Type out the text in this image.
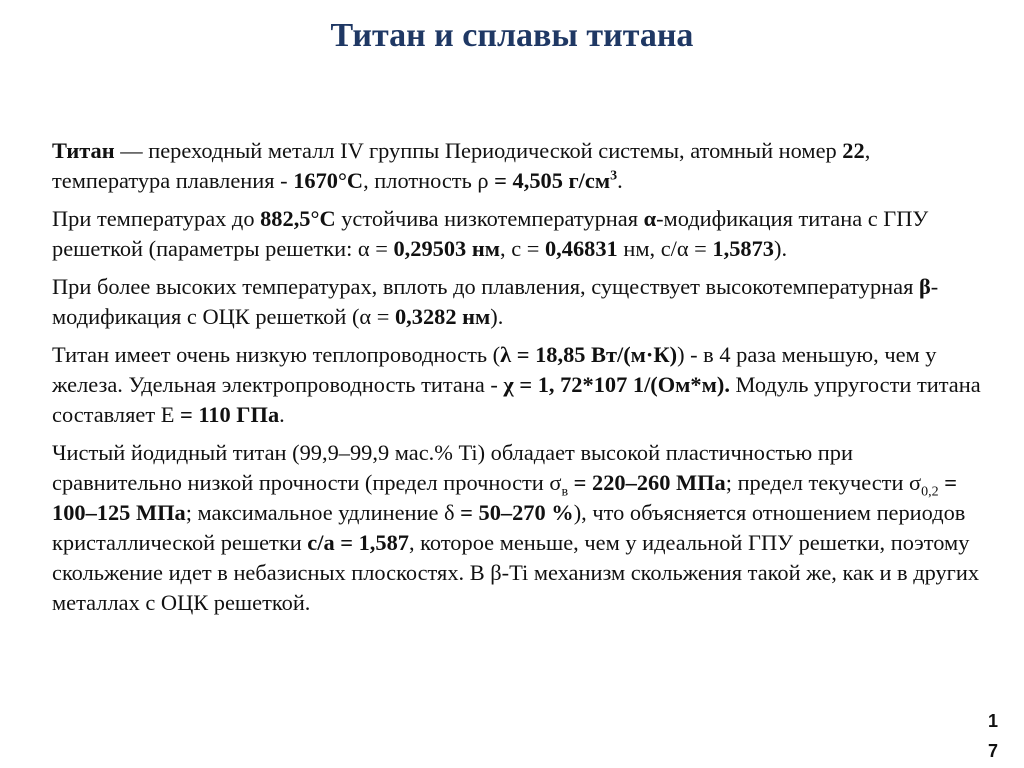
Титан и сплавы титана

Титан — переходный металл IV группы Периодической системы, атомный номер 22, температура плавления - 1670°С, плотность ρ = 4,505 $г/см^3$.

При температурах до 882,5°С устойчива низкотемпературная α-модификация титана с ГПУ решеткой (параметры решетки: α = 0,29503 нм, с = 0,46831 нм, с/α = 1,5873).

При более высоких температурах, вплоть до плавления, существует высокотемпературная β-модификация с ОЦК решеткой (α = 0,3282 нм).

Титан имеет очень низкую теплопроводность (λ = 18,85 Вт/(м·К)) - в 4 раза меньшую, чем у железа. Удельная электропроводность титана - χ = 1, 72*107 1/(Ом*м). Модуль упругости титана составляет Е = 110 ГПа.

Чистый йодидный титан (99,9–99,9 мас.% Ti) обладает высокой пластичностью при сравнительно низкой прочности (предел прочности $\sigma_в = 220-260$ МПа; предел текучести $\sigma_{0,2} = 100-125$ МПа; максимальное удлинение δ = 50–270 %), что объясняется отношением периодов кристаллической решетки с/а = 1,587, которое меньше, чем у идеальной ГПУ решетки, поэтому скольжение идет в небазисных плоскостях. В β-Ti механизм скольжения такой же, как и в других металлах с ОЦК решеткой.

17
